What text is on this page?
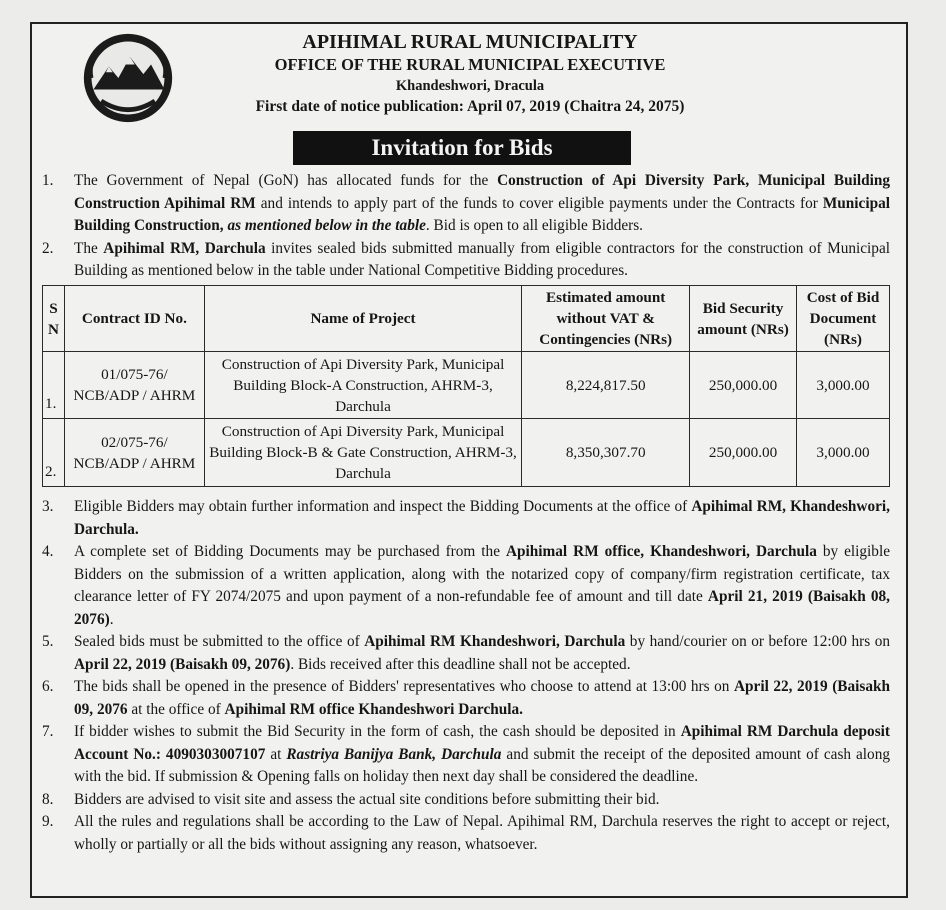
APIHIMAL RURAL MUNICIPALITY
OFFICE OF THE RURAL MUNICIPAL EXECUTIVE
Khandeshwori, Dracula
First date of notice publication: April 07, 2019 (Chaitra 24, 2075)
Invitation for Bids
1.	The Government of Nepal (GoN) has allocated funds for the Construction of Api Diversity Park, Municipal Building Construction Apihimal RM and intends to apply part of the funds to cover eligible payments under the Contracts for Municipal Building Construction, as mentioned below in the table. Bid is open to all eligible Bidders.
2.	The Apihimal RM, Darchula invites sealed bids submitted manually from eligible contractors for the construction of Municipal Building as mentioned below in the table under National Competitive Bidding procedures.
S N	Contract ID No.	Name of Project	Estimated amount without VAT & Contingencies (NRs)	Bid Security amount (NRs)	Cost of Bid Document (NRs)
1.	01/075-76/ NCB/ADP / AHRM	Construction of Api Diversity Park, Municipal Building Block-A Construction, AHRM-3, Darchula	8,224,817.50	250,000.00	3,000.00
2.	02/075-76/ NCB/ADP / AHRM	Construction of Api Diversity Park, Municipal Building Block-B & Gate Construction, AHRM-3, Darchula	8,350,307.70	250,000.00	3,000.00
3.	Eligible Bidders may obtain further information and inspect the Bidding Documents at the office of Apihimal RM, Khandeshwori, Darchula.
4.	A complete set of Bidding Documents may be purchased from the Apihimal RM office, Khandeshwori, Darchula by eligible Bidders on the submission of a written application, along with the notarized copy of company/firm registration certificate, tax clearance letter of FY 2074/2075 and upon payment of a non-refundable fee of amount and till date April 21, 2019 (Baisakh 08, 2076).
5.	Sealed bids must be submitted to the office of Apihimal RM Khandeshwori, Darchula by hand/courier on or before 12:00 hrs on April 22, 2019 (Baisakh 09, 2076). Bids received after this deadline shall not be accepted.
6.	The bids shall be opened in the presence of Bidders' representatives who choose to attend at 13:00 hrs on April 22, 2019 (Baisakh 09, 2076 at the office of Apihimal RM office Khandeshwori Darchula.
7.	If bidder wishes to submit the Bid Security in the form of cash, the cash should be deposited in Apihimal RM Darchula deposit Account No.: 4090303007107 at Rastriya Banijya Bank, Darchula and submit the receipt of the deposited amount of cash along with the bid. If submission & Opening falls on holiday then next day shall be considered the deadline.
8.	Bidders are advised to visit site and assess the actual site conditions before submitting their bid.
9.	All the rules and regulations shall be according to the Law of Nepal. Apihimal RM, Darchula reserves the right to accept or reject, wholly or partially or all the bids without assigning any reason, whatsoever.
